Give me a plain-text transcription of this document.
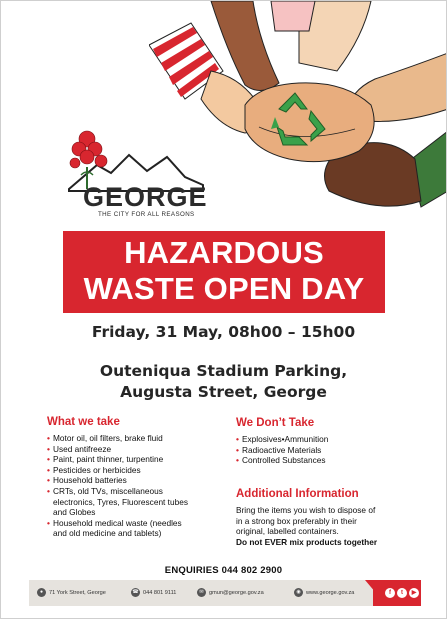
GEORGE
THE CITY FOR ALL REASONS
HAZARDOUS
WASTE OPEN DAY
Friday, 31 May, 08h00 – 15h00
Outeniqua Stadium Parking,
Augusta Street, George
What we take
• Motor oil, oil filters, brake fluid
• Used antifreeze
• Paint, paint thinner, turpentine
• Pesticides or herbicides
• Household batteries
• CRTs, old TVs, miscellaneous
electronics, Tyres, Fluorescent tubes
and Globes
• Household medical waste (needles
and old medicine and tablets)
We Don’t Take
• Explosives•Ammunition
• Radioactive Materials
• Controlled Substances
Additional Information
Bring the items you wish to dispose of
in a strong box preferably in their
original, labelled containers.
Do not EVER mix products together
ENQUIRIES 044 802 2900
●	71 York Street, George	☎ 044 801 9111	✉ gmun@george.gov.za	◉ www.george.gov.za	f	t	▶
